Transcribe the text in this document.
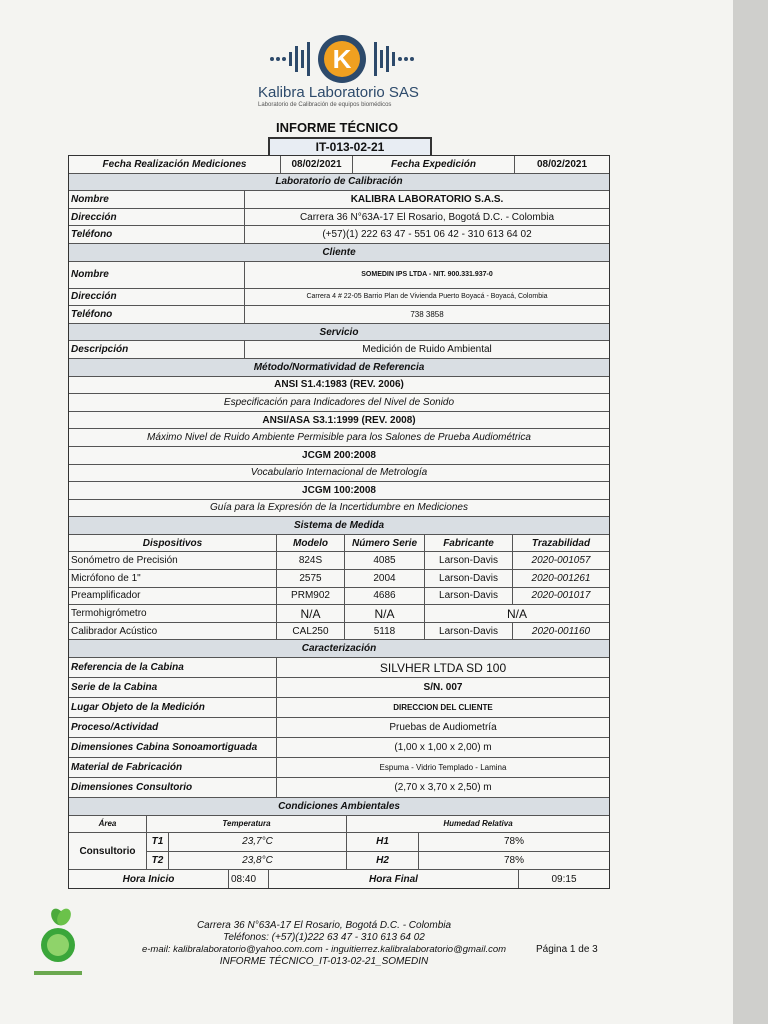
K
Kalibra Laboratorio SAS
Laboratorio de Calibración de equipos biomédicos
INFORME TÉCNICO
IT-013-02-21
Fecha Realización Mediciones	08/02/2021	Fecha Expedición	08/02/2021
Laboratorio de Calibración
Nombre	KALIBRA LABORATORIO S.A.S.
Dirección	Carrera 36 N°63A-17 El Rosario, Bogotá D.C. - Colombia
Teléfono	(+57)(1) 222 63 47 - 551 06 42 - 310 613 64 02
Cliente
Nombre	SOMEDIN IPS LTDA - NIT. 900.331.937-0
Dirección	Carrera 4 # 22-05 Barrio Plan de Vivienda Puerto Boyacá - Boyacá, Colombia
Teléfono	738 3858
Servicio
Descripción	Medición de Ruido Ambiental
Método/Normatividad de Referencia
ANSI S1.4:1983 (REV. 2006)
Especificación para Indicadores del Nivel de Sonido
ANSI/ASA S3.1:1999 (REV. 2008)
Máximo Nivel de Ruido Ambiente Permisible para los Salones de Prueba Audiométrica
JCGM 200:2008
Vocabulario Internacional de Metrología
JCGM 100:2008
Guía para la Expresión de la Incertidumbre en Mediciones
Sistema de Medida
Dispositivos	Modelo	Número Serie	Fabricante	Trazabilidad
Sonómetro de Precisión	824S	4085	Larson-Davis	2020-001057
Micrófono de 1"	2575	2004	Larson-Davis	2020-001261
Preamplificador	PRM902	4686	Larson-Davis	2020-001017
Termohigrómetro	N/A	N/A	N/A
Calibrador Acústico	CAL250	5118	Larson-Davis	2020-001160
Caracterización
Referencia de la Cabina	SILVHER LTDA SD 100
Serie de la Cabina	S/N. 007
Lugar Objeto de la Medición	DIRECCION DEL CLIENTE
Proceso/Actividad	Pruebas de Audiometría
Dimensiones Cabina Sonoamortiguada	(1,00 x 1,00 x 2,00) m
Material de Fabricación	Espuma - Vidrio Templado - Lamina
Dimensiones Consultorio	(2,70 x 3,70 x 2,50) m
Condiciones Ambientales
Área	Temperatura	Humedad Relativa
Consultorio
T1	23,7°C	H1	78%
T2	23,8°C	H2	78%
Hora Inicio	08:40	Hora Final	09:15
Carrera 36 N°63A-17 El Rosario, Bogotá D.C. - Colombia
Teléfonos: (+57)(1)222 63 47 - 310 613 64 02
e-mail: kalibralaboratorio@yahoo.com.com - inguitierrez.kalibralaboratorio@gmail.com
INFORME TÉCNICO_IT-013-02-21_SOMEDIN
Página 1 de 3
